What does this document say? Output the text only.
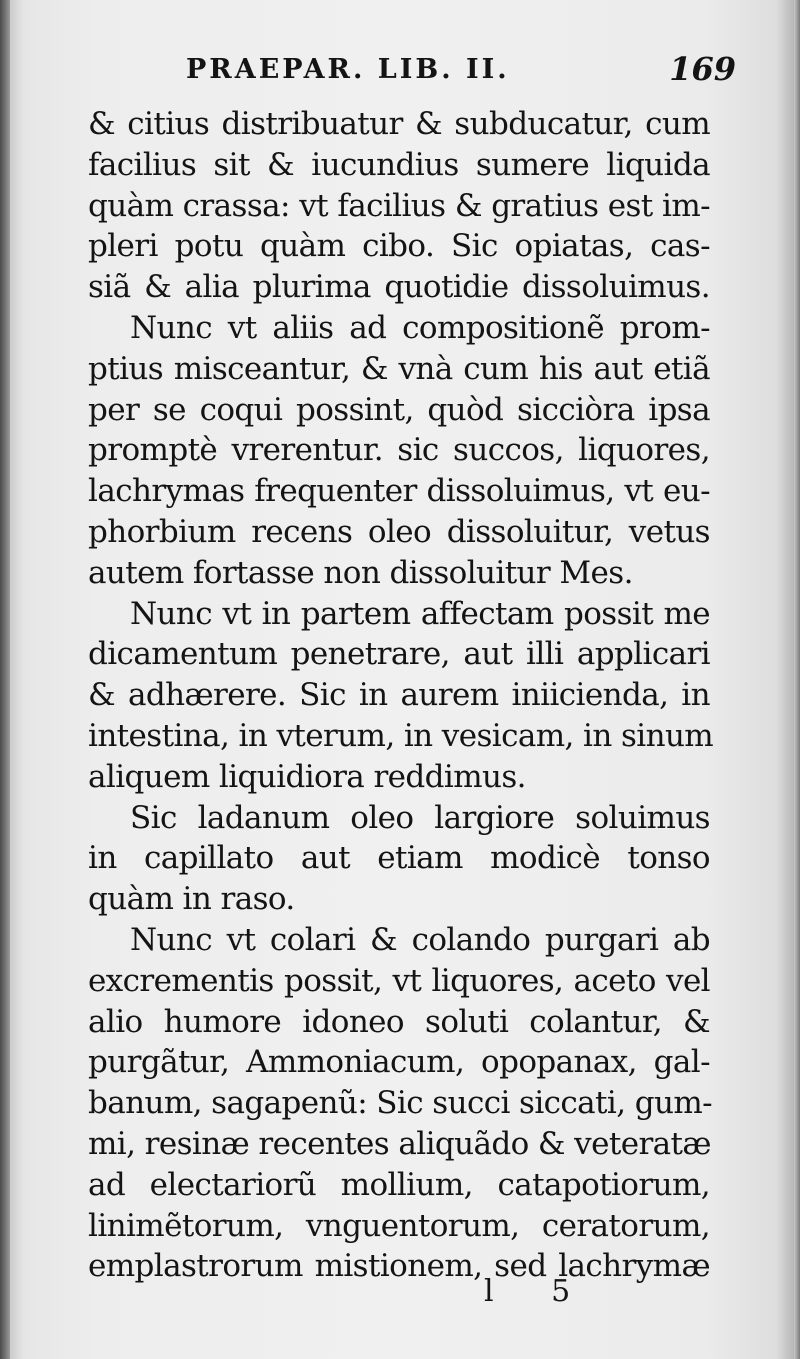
PRAEPAR. LIB. II.	169
& citius distribuatur & subducatur, cum
facilius sit & iucundius sumere liquida
quàm crassa: vt facilius & gratius est im-
pleri potu quàm cibo. Sic opiatas, cas-
siã & alia plurima quotidie dissoluimus.
Nunc vt aliis ad compositionẽ prom-
ptius misceantur, & vnà cum his aut etiã
per se coqui possint, quòd sicciòra ipsa
promptè vrerentur. sic succos, liquores,
lachrymas frequenter dissoluimus, vt eu-
phorbium recens oleo dissoluitur, vetus
autem fortasse non dissoluitur Mes.
Nunc vt in partem affectam possit me
dicamentum penetrare, aut illi applicari
& adhærere. Sic in aurem iniicienda, in
intestina, in vterum, in vesicam, in sinum
aliquem liquidiora reddimus.
Sic ladanum oleo largiore soluimus
in capillato aut etiam modicè tonso
quàm in raso.
Nunc vt colari & colando purgari ab
excrementis possit, vt liquores, aceto vel
alio humore idoneo soluti colantur, &
purgãtur, Ammoniacum, opopanax, gal-
banum, sagapenũ: Sic succi siccati, gum-
mi, resinæ recentes aliquãdo & veteratæ
ad electariorũ mollium, catapotiorum,
linimẽtorum, vnguentorum, ceratorum,
emplastrorum mistionem, sed lachrymæ
l 5
